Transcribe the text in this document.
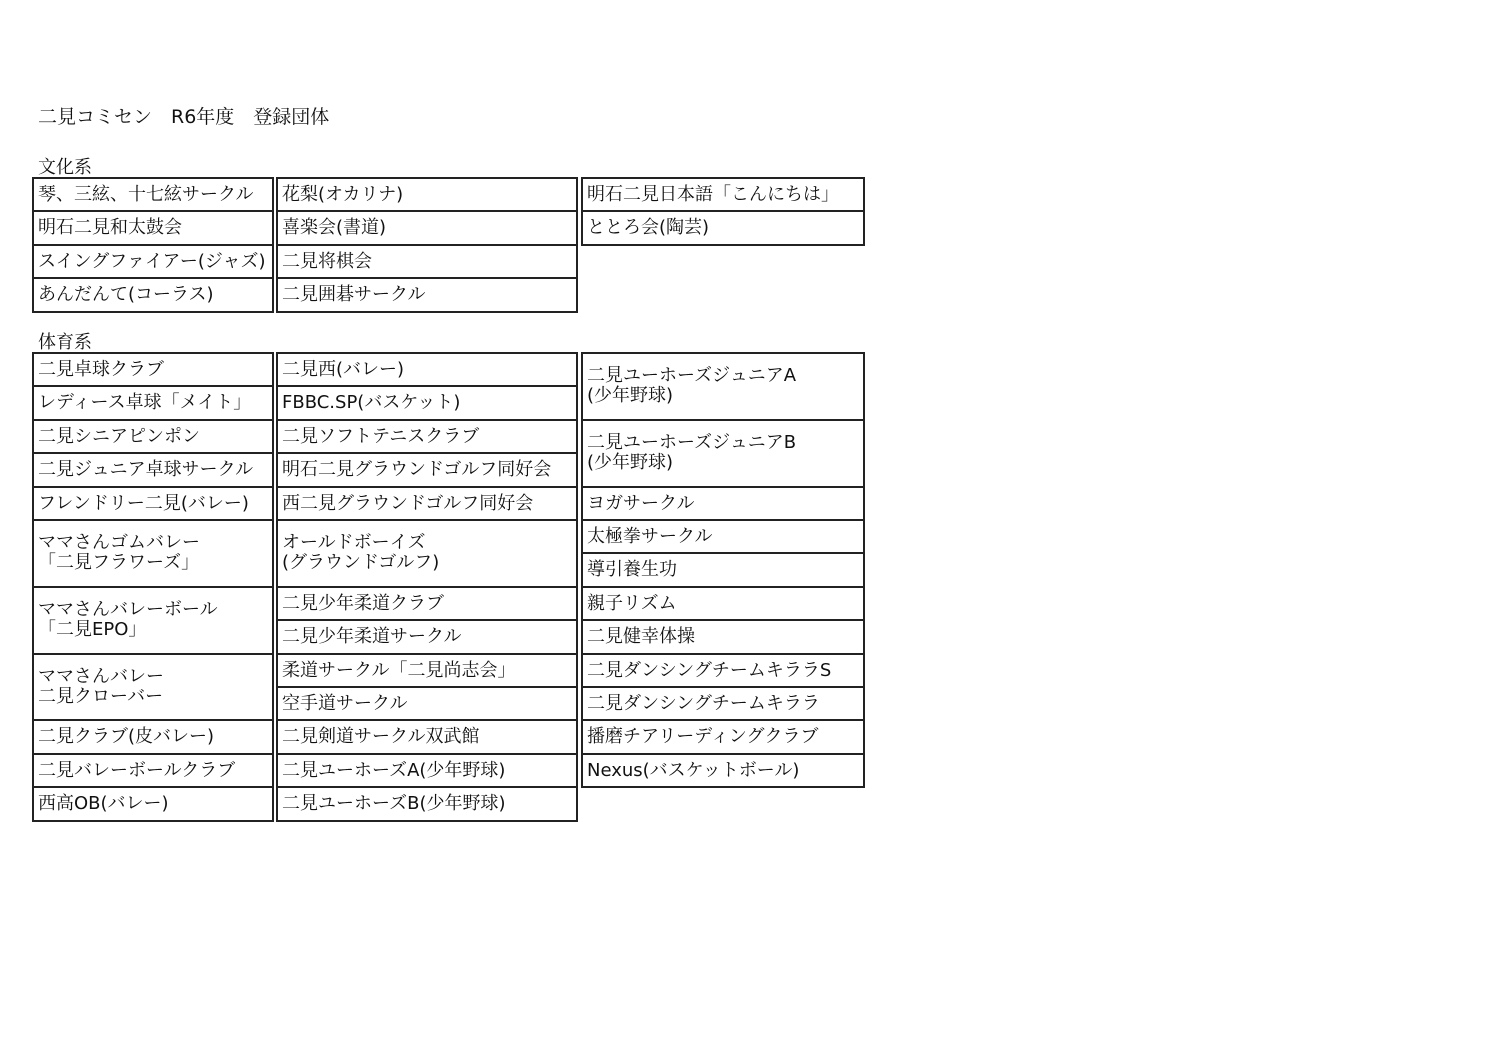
二見コミセン　R6年度　登録団体
文化系
琴、三絃、十七絃サークル
明石二見和太鼓会
スイングファイアー(ジャズ)
あんだんて(コーラス)
花梨(オカリナ)
喜楽会(書道)
二見将棋会
二見囲碁サークル
明石二見日本語「こんにちは」
ととろ会(陶芸)
体育系
二見卓球クラブ
レディース卓球「メイト」
二見シニアピンポン
二見ジュニア卓球サークル
フレンドリー二見(バレー)
ママさんゴムバレー
「二見フラワーズ」
ママさんバレーボール
「二見EPO」
ママさんバレー
二見クローバー
二見クラブ(皮バレー)
二見バレーボールクラブ
西高OB(バレー)
二見西(バレー)
FBBC.SP(バスケット)
二見ソフトテニスクラブ
明石二見グラウンドゴルフ同好会
西二見グラウンドゴルフ同好会
オールドボーイズ
(グラウンドゴルフ)
二見少年柔道クラブ
二見少年柔道サークル
柔道サークル「二見尚志会」
空手道サークル
二見剣道サークル双武館
二見ユーホーズA(少年野球)
二見ユーホーズB(少年野球)
二見ユーホーズジュニアA
(少年野球)
二見ユーホーズジュニアB
(少年野球)
ヨガサークル
太極拳サークル
導引養生功
親子リズム
二見健幸体操
二見ダンシングチームキララS
二見ダンシングチームキララ
播磨チアリーディングクラブ
Nexus(バスケットボール)
